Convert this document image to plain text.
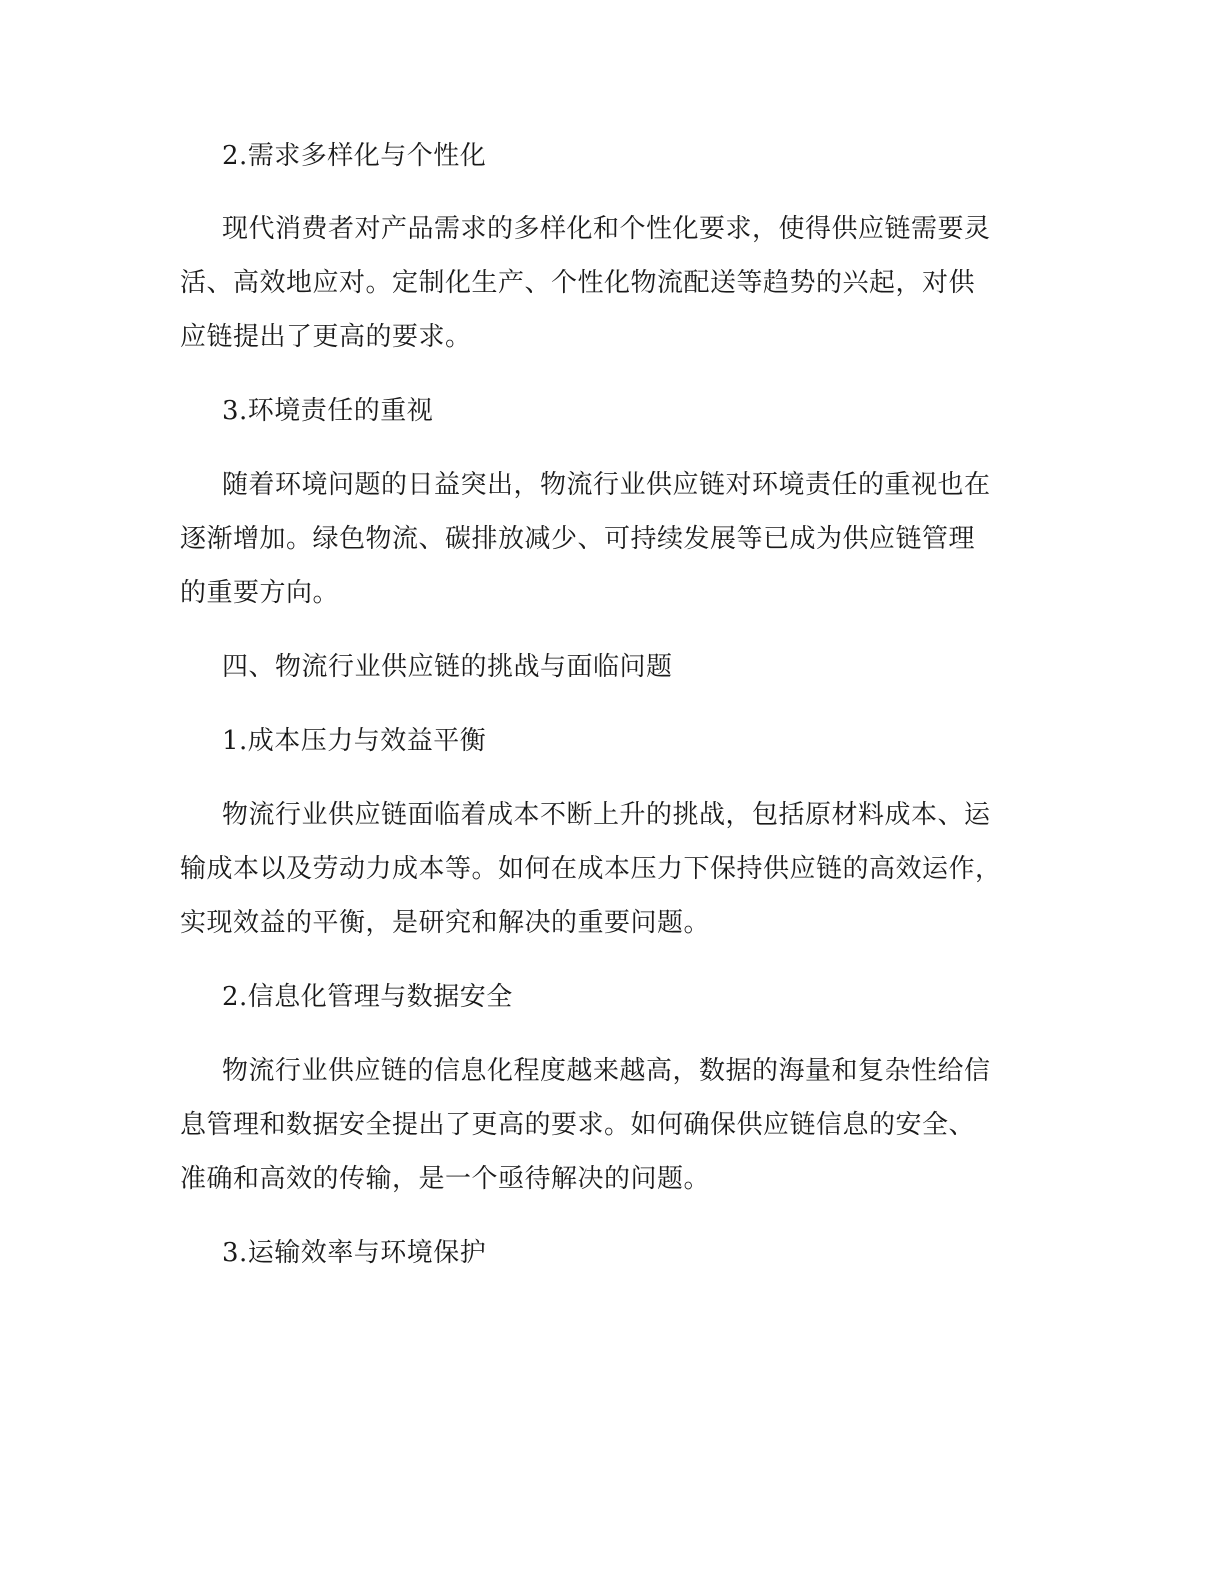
2.需求多样化与个性化
现代消费者对产品需求的多样化和个性化要求，使得供应链需要灵
活、高效地应对。定制化生产、个性化物流配送等趋势的兴起，对供
应链提出了更高的要求。
3.环境责任的重视
随着环境问题的日益突出，物流行业供应链对环境责任的重视也在
逐渐增加。绿色物流、碳排放减少、可持续发展等已成为供应链管理
的重要方向。
四、物流行业供应链的挑战与面临问题
1.成本压力与效益平衡
物流行业供应链面临着成本不断上升的挑战，包括原材料成本、运
输成本以及劳动力成本等。如何在成本压力下保持供应链的高效运作，
实现效益的平衡，是研究和解决的重要问题。
2.信息化管理与数据安全
物流行业供应链的信息化程度越来越高，数据的海量和复杂性给信
息管理和数据安全提出了更高的要求。如何确保供应链信息的安全、
准确和高效的传输，是一个亟待解决的问题。
3.运输效率与环境保护
